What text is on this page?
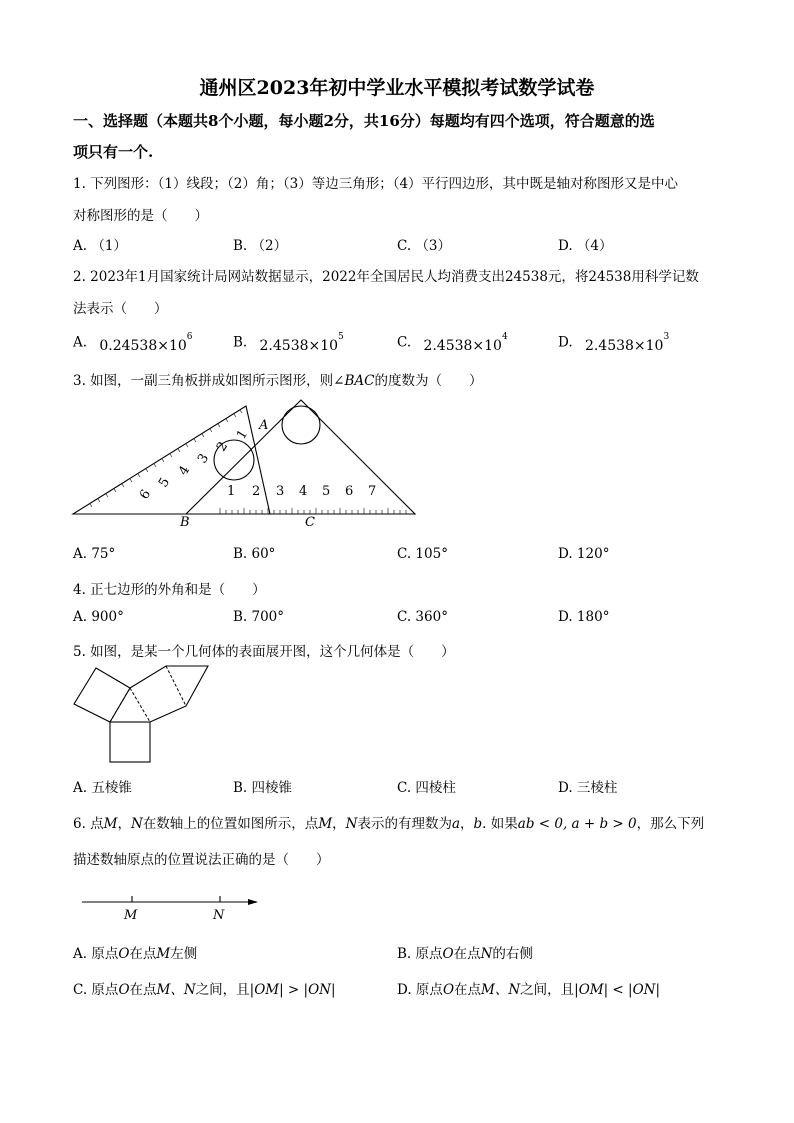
通州区2023年初中学业水平模拟考试数学试卷
一、选择题（本题共8个小题，每小题2分，共16分）每题均有四个选项，符合题意的选
项只有一个.
1. 下列图形：（1）线段；（2）角；（3）等边三角形；（4）平行四边形，其中既是轴对称图形又是中心
对称图形的是（　　）
A. （1）	B. （2）	C. （3）	D. （4）
2. 2023年1月国家统计局网站数据显示，2022年全国居民人均消费支出24538元，将24538用科学记数
法表示（　　）
A. $0.24538\times 10^6$	B. $2.4538\times 10^5$	C. $2.4538\times 10^4$	D. $2.4538\times 10^3$
3. 如图，一副三角板拼成如图所示图形，则∠BAC的度数为（　　）
1
2
3
4
5
6	1 2 3 4 5 6 7
A
B	C
A. 75°	B. 60°	C. 105°	D. 120°
4. 正七边形的外角和是（　　）
A. 900°	B. 700°	C. 360°	D. 180°
5. 如图，是某一个几何体的表面展开图，这个几何体是（　　）
A. 五棱锥	B. 四棱锥	C. 四棱柱	D. 三棱柱
6. 点M，N在数轴上的位置如图所示，点M，N表示的有理数为a，b. 如果ab < 0, a + b > 0，那么下列
描述数轴原点的位置说法正确的是（　　）
M	N
A. 原点O在点M左侧	B. 原点O在点N的右侧
C. 原点O在点M、N之间，且|OM| > |ON|	D. 原点O在点M、N之间，且|OM| < |ON|
